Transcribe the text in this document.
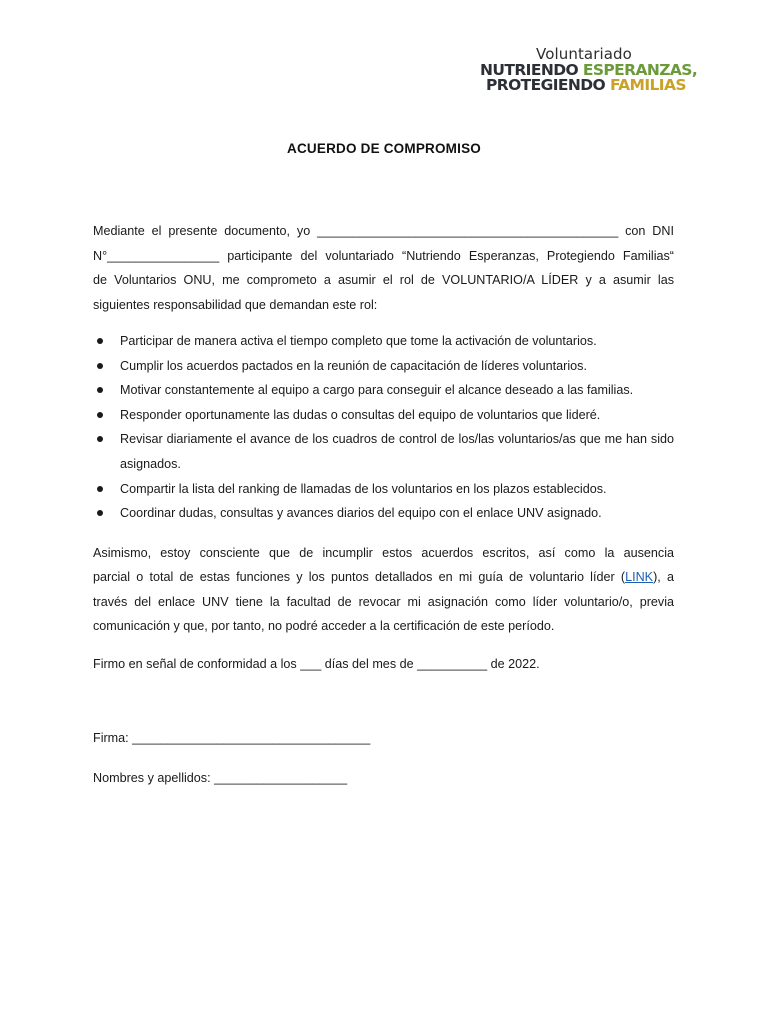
Voluntariado
NUTRIENDO ESPERANZAS,
PROTEGIENDO FAMILIAS
ACUERDO DE COMPROMISO

Mediante el presente documento, yo ___________________________________________ con DNI
N°________________ participante del voluntariado “Nutriendo Esperanzas, Protegiendo Familias“
de Voluntarios ONU, me comprometo a asumir el rol de VOLUNTARIO/A LÍDER y a asumir las
siguientes responsabilidad que demandan este rol:

Participar de manera activa el tiempo completo que tome la activación de voluntarios.
Cumplir los acuerdos pactados en la reunión de capacitación de líderes voluntarios.
Motivar constantemente al equipo a cargo para conseguir el alcance deseado a las familias.
Responder oportunamente las dudas o consultas del equipo de voluntarios que lideré.
Revisar diariamente el avance de los cuadros de control de los/las voluntarios/as que me han sido asignados.
Compartir la lista del ranking de llamadas de los voluntarios en los plazos establecidos.
Coordinar dudas, consultas y avances diarios del equipo con el enlace UNV asignado.

Asimismo, estoy consciente que de incumplir estos acuerdos escritos, así como la ausencia
parcial o total de estas funciones y los puntos detallados en mi guía de voluntario líder (LINK), a
través del enlace UNV tiene la facultad de revocar mi asignación como líder voluntario/o, previa
comunicación y que, por tanto, no podré acceder a la certificación de este período.

Firmo en señal de conformidad a los ___ días del mes de __________ de 2022.

Firma: __________________________________
Nombres y apellidos: ___________________
